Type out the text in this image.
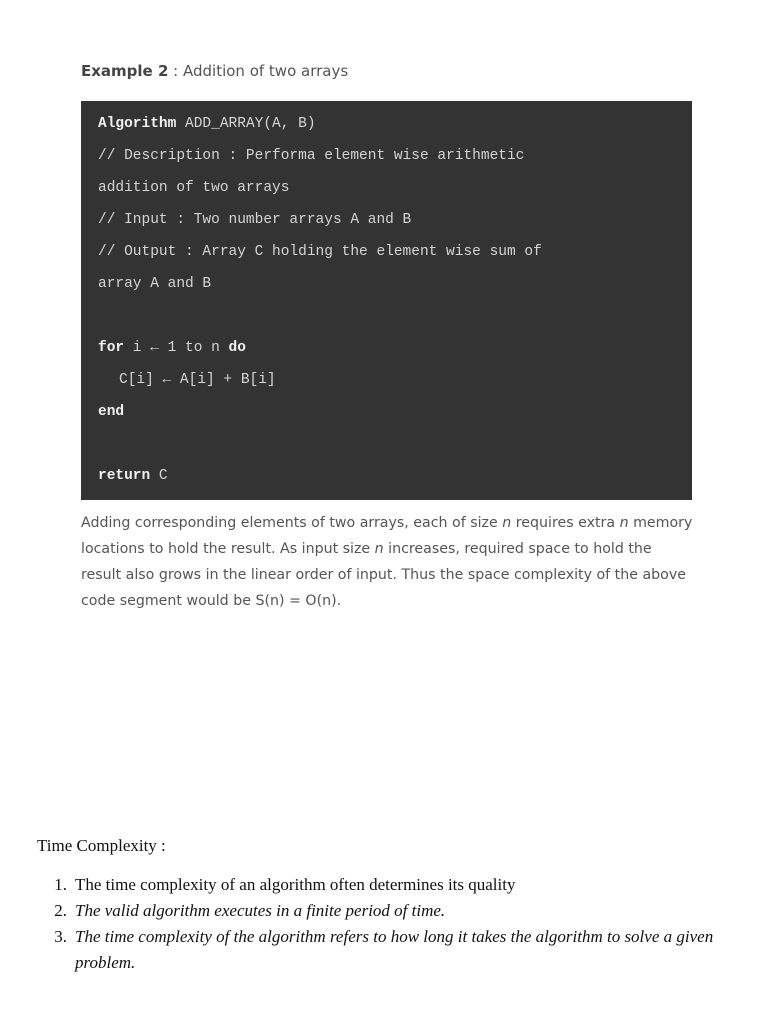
Example 2 : Addition of two arrays
Algorithm ADD_ARRAY(A, B)
// Description : Performa element wise arithmetic
addition of two arrays
// Input : Two number arrays A and B
// Output : Array C holding the element wise sum of
array A and B
for i ← 1 to n do
C[i] ← A[i] + B[i]
end
return C
Adding corresponding elements of two arrays, each of size n requires extra n memory locations to hold the result. As input size n increases, required space to hold the result also grows in the linear order of input. Thus the space complexity of the above code segment would be S(n) = O(n).
Time Complexity :
1. The time complexity of an algorithm often determines its quality
2. The valid algorithm executes in a finite period of time.
3. The time complexity of the algorithm refers to how long it takes the algorithm to solve a given problem.
